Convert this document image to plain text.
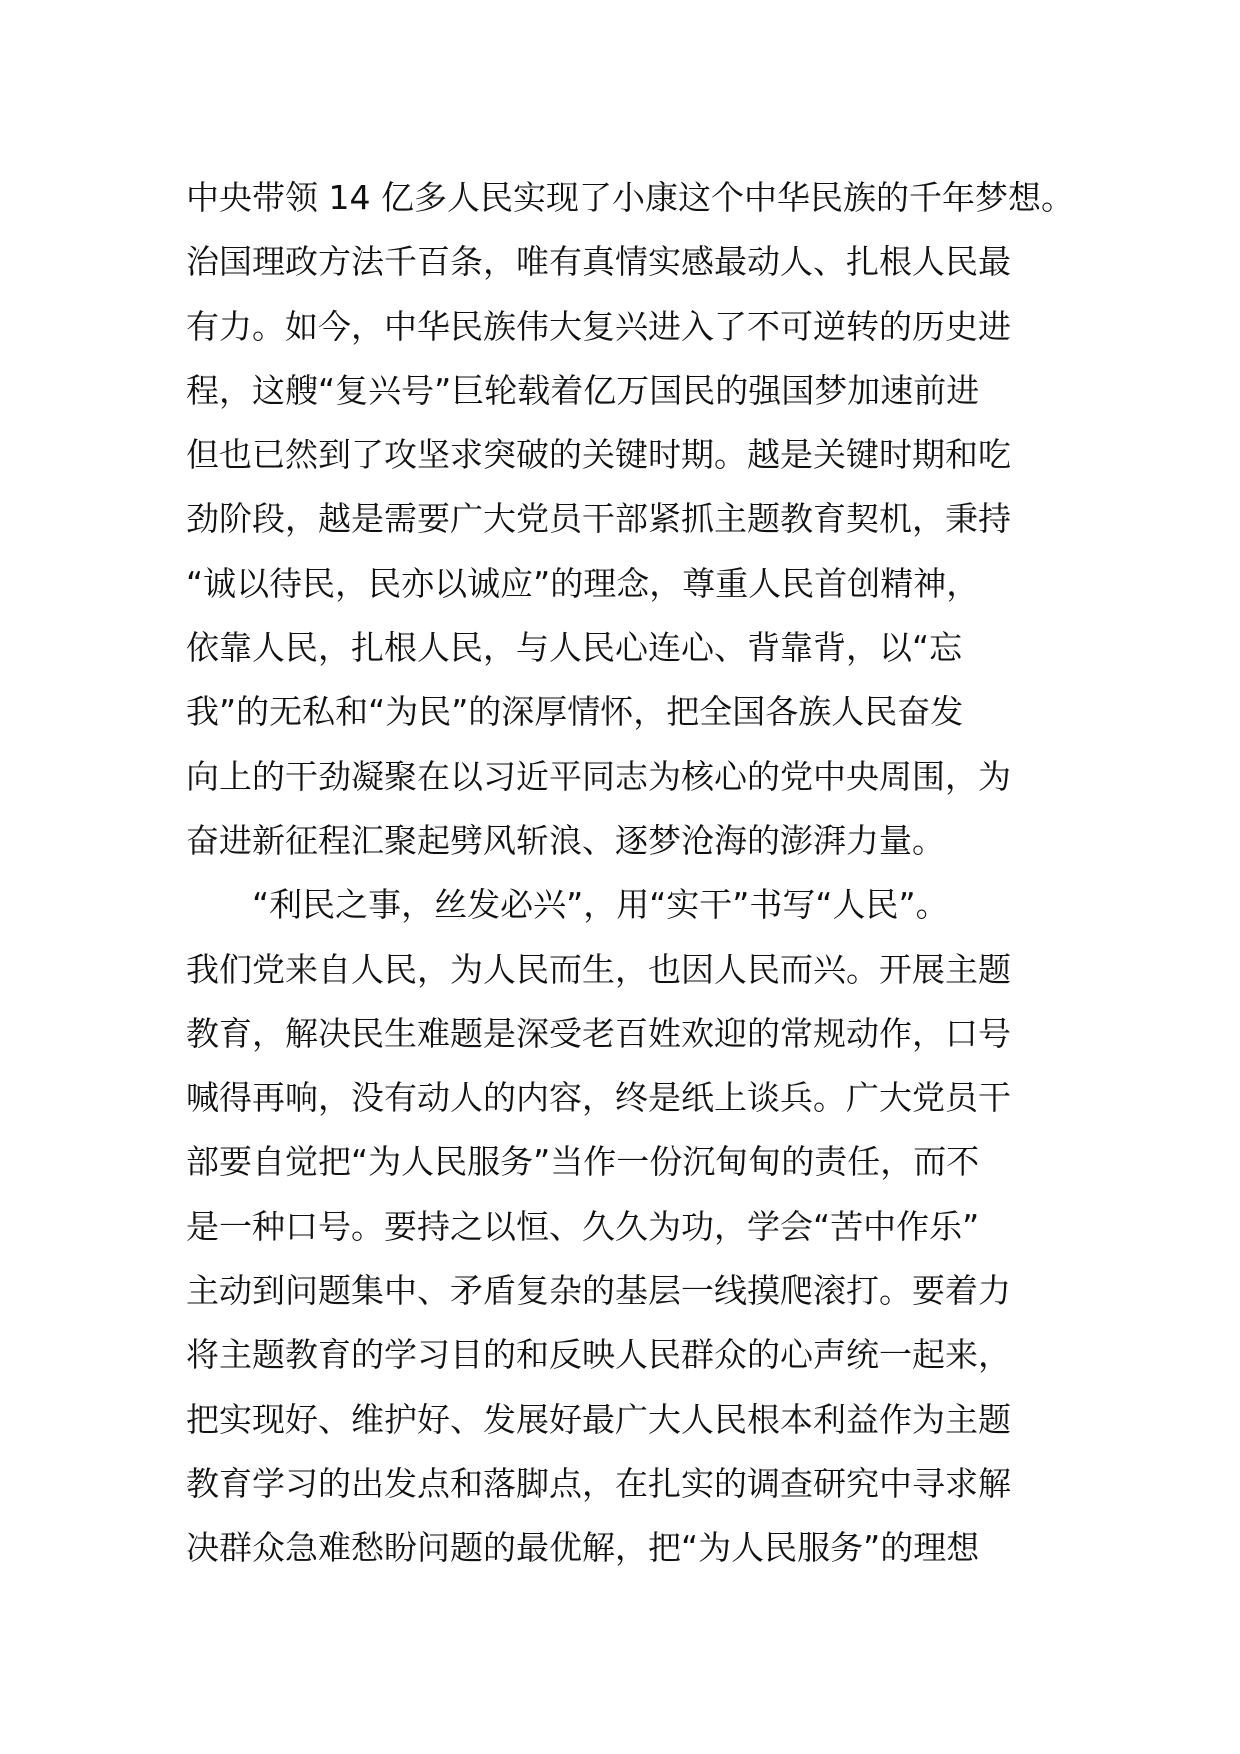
中央带领 14 亿多人民实现了小康这个中华民族的千年梦想。
治国理政方法千百条，唯有真情实感最动人、扎根人民最
有力。如今，中华民族伟大复兴进入了不可逆转的历史进
程，这艘“复兴号”巨轮载着亿万国民的强国梦加速前进
但也已然到了攻坚求突破的关键时期。越是关键时期和吃
劲阶段，越是需要广大党员干部紧抓主题教育契机，秉持
“诚以待民，民亦以诚应”的理念，尊重人民首创精神，
依靠人民，扎根人民，与人民心连心、背靠背，以“忘
我”的无私和“为民”的深厚情怀，把全国各族人民奋发
向上的干劲凝聚在以习近平同志为核心的党中央周围，为
奋进新征程汇聚起劈风斩浪、逐梦沧海的澎湃力量。
“利民之事，丝发必兴”，用“实干”书写“人民”。
我们党来自人民，为人民而生，也因人民而兴。开展主题
教育，解决民生难题是深受老百姓欢迎的常规动作，口号
喊得再响，没有动人的内容，终是纸上谈兵。广大党员干
部要自觉把“为人民服务”当作一份沉甸甸的责任，而不
是一种口号。要持之以恒、久久为功，学会“苦中作乐”
主动到问题集中、矛盾复杂的基层一线摸爬滚打。要着力
将主题教育的学习目的和反映人民群众的心声统一起来，
把实现好、维护好、发展好最广大人民根本利益作为主题
教育学习的出发点和落脚点，在扎实的调查研究中寻求解
决群众急难愁盼问题的最优解，把“为人民服务”的理想
